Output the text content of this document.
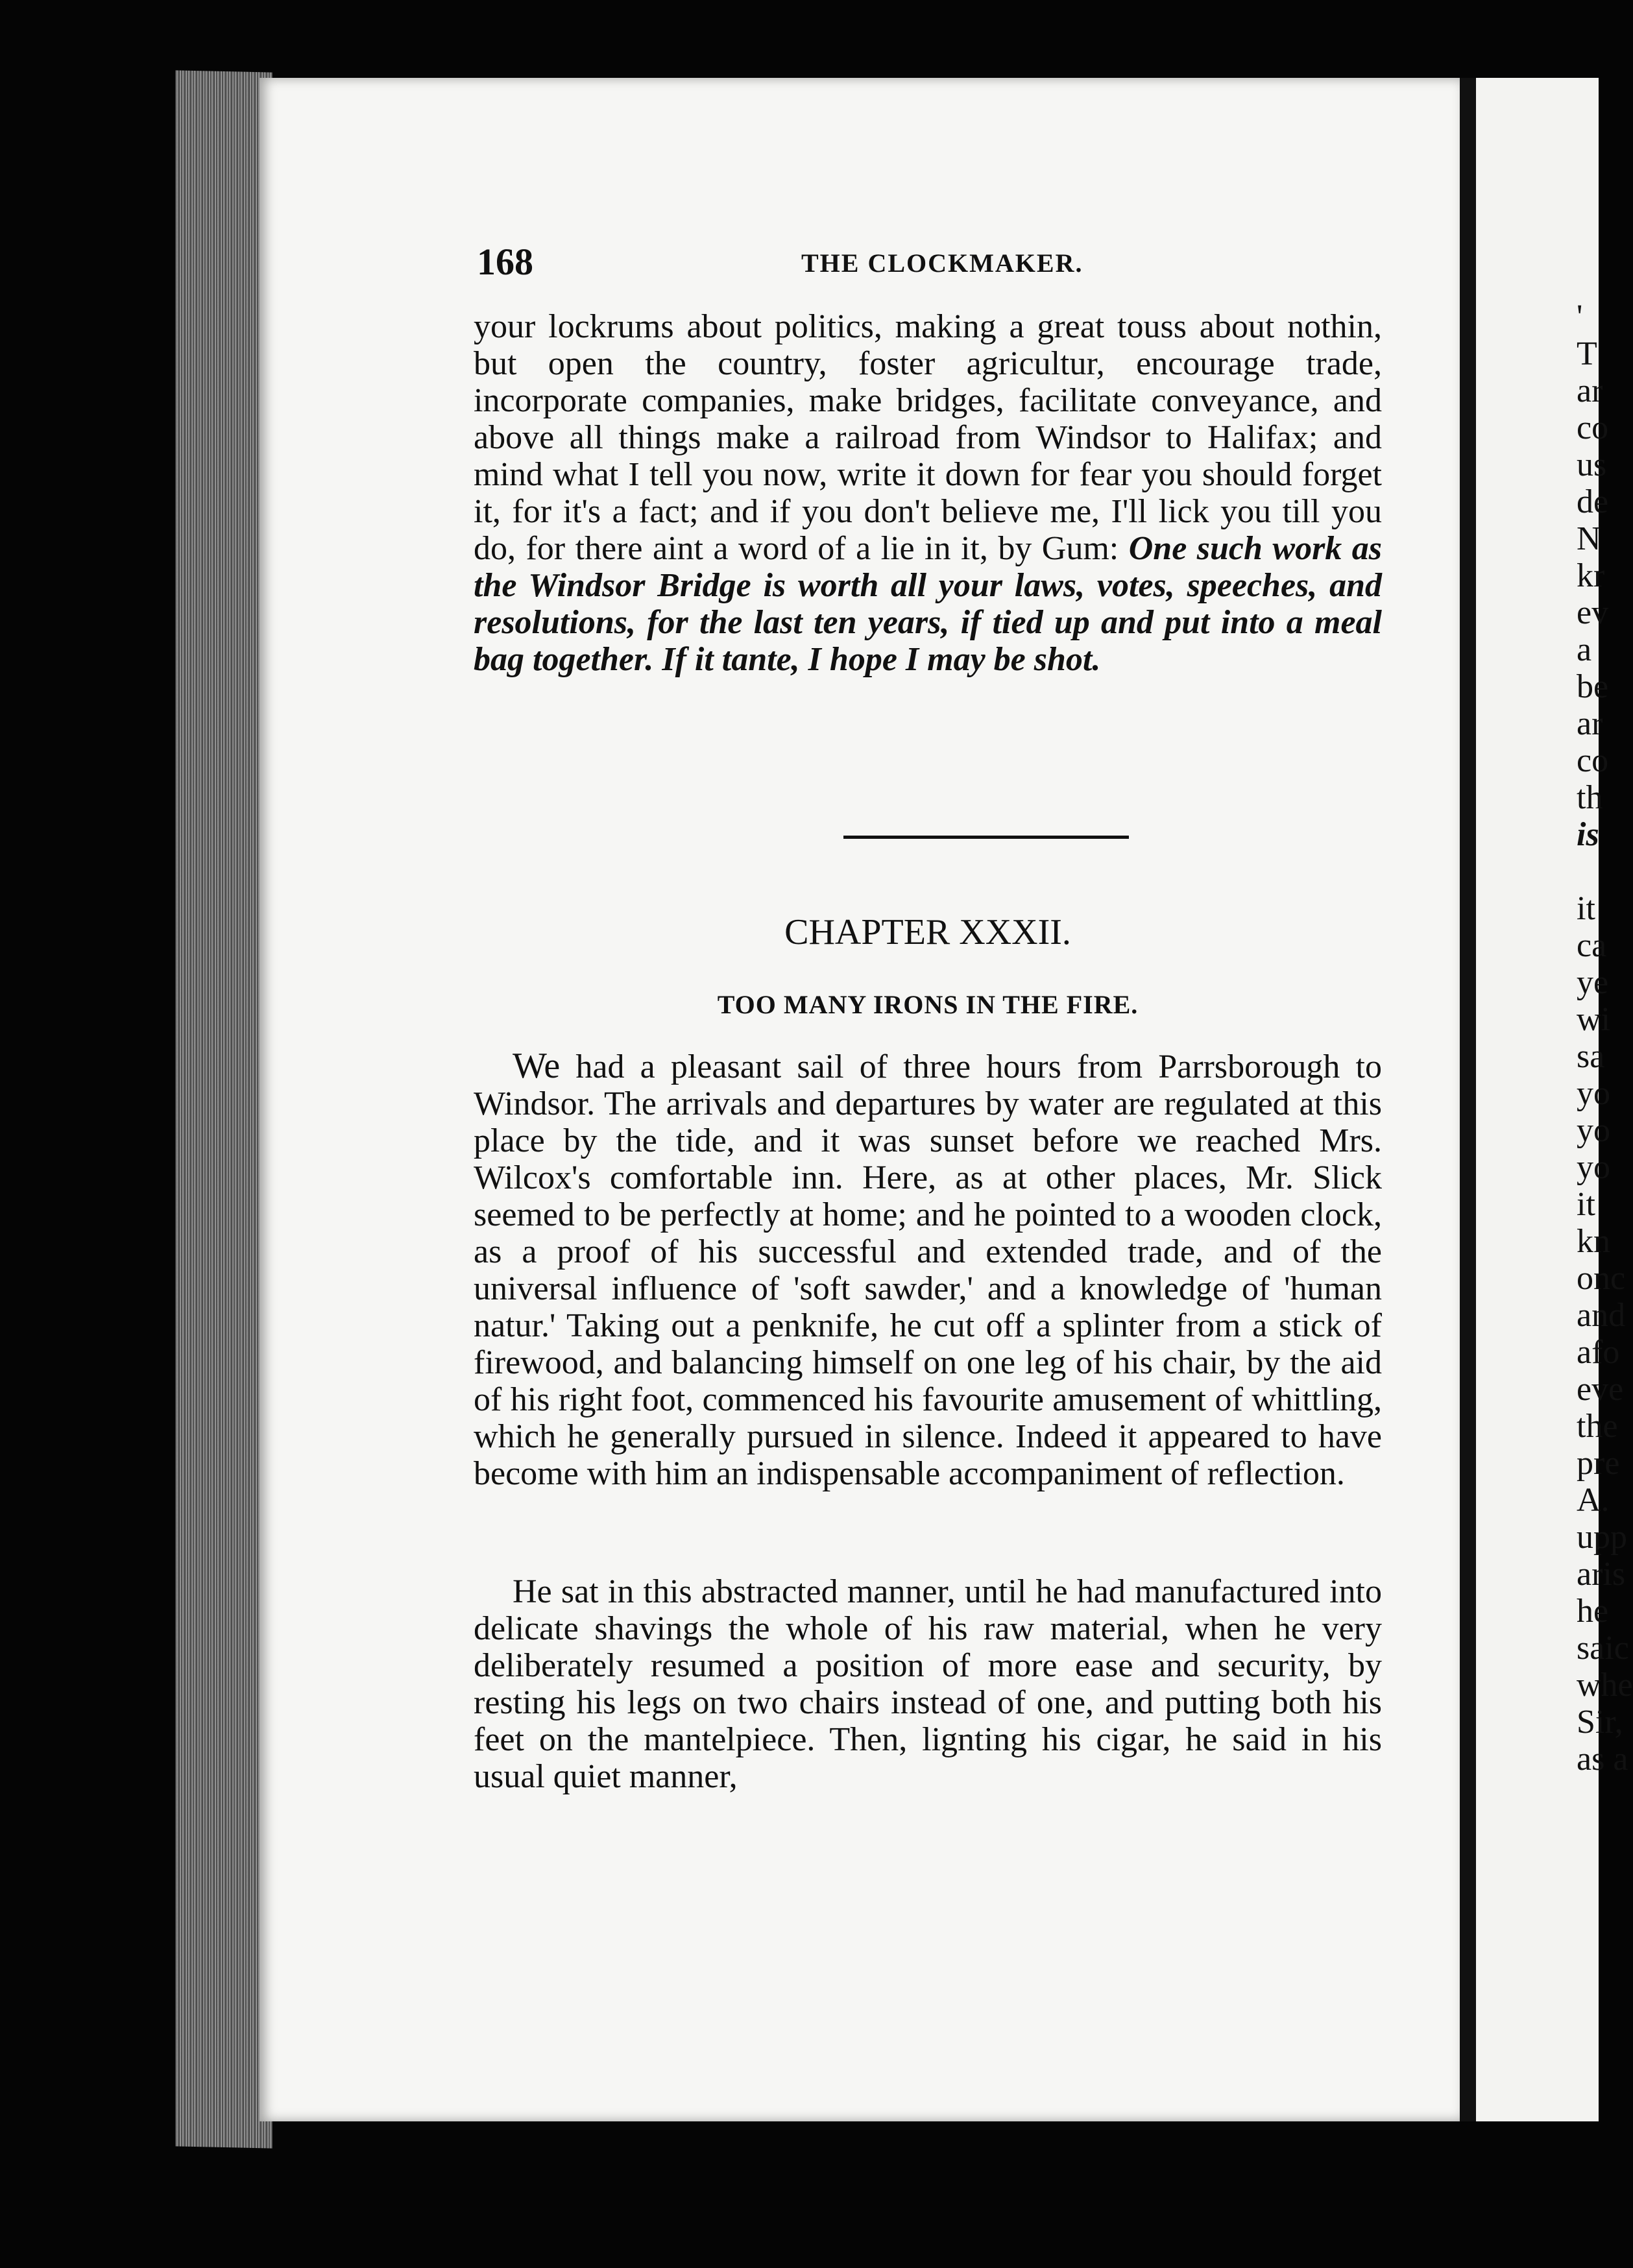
168	THE CLOCKMAKER.

your lockrums about politics, making a great touss about nothin, but open the country, foster agricultur, encourage trade, incorporate companies, make bridges, facilitate conveyance, and above all things make a railroad from Windsor to Halifax; and mind what I tell you now, write it down for fear you should forget it, for it's a fact; and if you don't believe me, I'll lick you till you do, for there aint a word of a lie in it, by Gum: One such work as the Windsor Bridge is worth all your laws, votes, speeches, and resolutions, for the last ten years, if tied up and put into a meal bag together. If it tante, I hope I may be shot.

CHAPTER XXXII.
TOO MANY IRONS IN THE FIRE.

We had a pleasant sail of three hours from Parrsborough to Windsor. The arrivals and departures by water are regulated at this place by the tide, and it was sunset before we reached Mrs. Wilcox's comfortable inn. Here, as at other places, Mr. Slick seemed to be perfectly at home; and he pointed to a wooden clock, as a proof of his successful and extended trade, and of the universal influence of 'soft sawder,' and a knowledge of 'human natur.' Taking out a penknife, he cut off a splinter from a stick of firewood, and balancing himself on one leg of his chair, by the aid of his right foot, commenced his favourite amusement of whittling, which he generally pursued in silence. Indeed it appeared to have become with him an indispensable accompaniment of reflection.

He sat in this abstracted manner, until he had manufactured into delicate shavings the whole of his raw material, when he very deliberately resumed a position of more ease and security, by resting his legs on two chairs instead of one, and putting both his feet on the mantelpiece. Then, lignting his cigar, he said in his usual quiet manner,

'
T
ar
co
us
de
N
kr
ev
a
be
ar
co
th
is
it
ca
ye
wi
sa
yo
yo
yo
it
kn
onc
and
afo
eve
the
pre
A.
upp
aris
he
saic
whe
Sir,
as a
